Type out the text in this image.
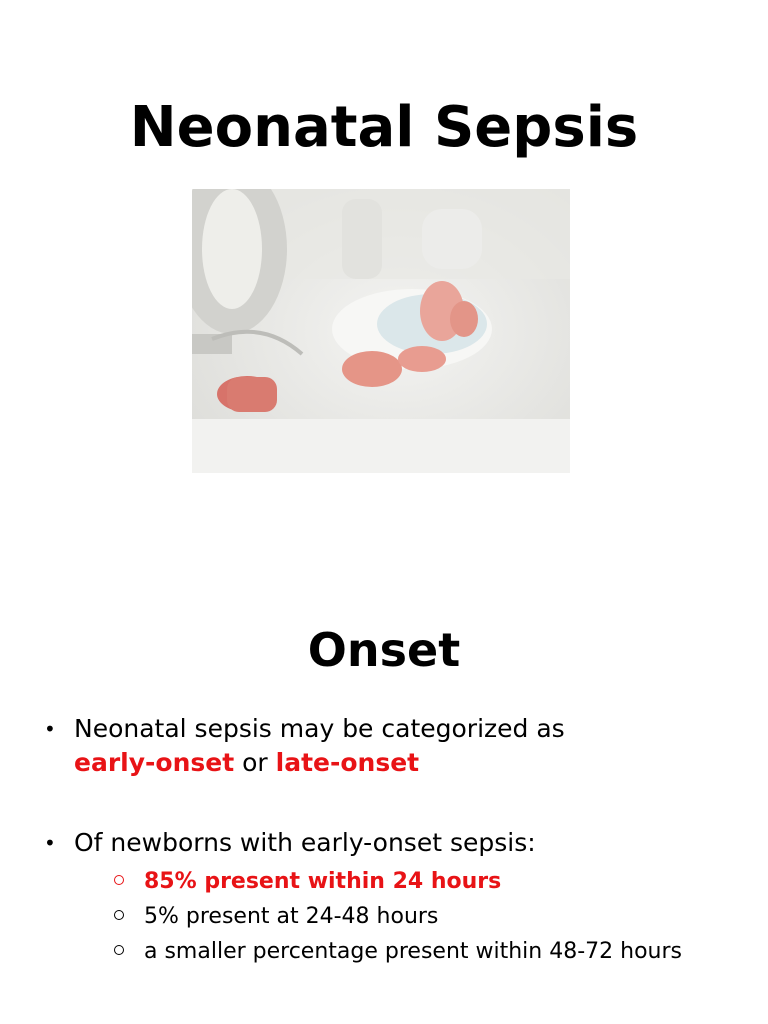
Neonatal Sepsis
Onset
• Neonatal sepsis may be categorized as
early-onset or late-onset
• Of newborns with early-onset sepsis:
85% present within 24 hours
5% present at 24-48 hours
a smaller percentage present within 48-72 hours
